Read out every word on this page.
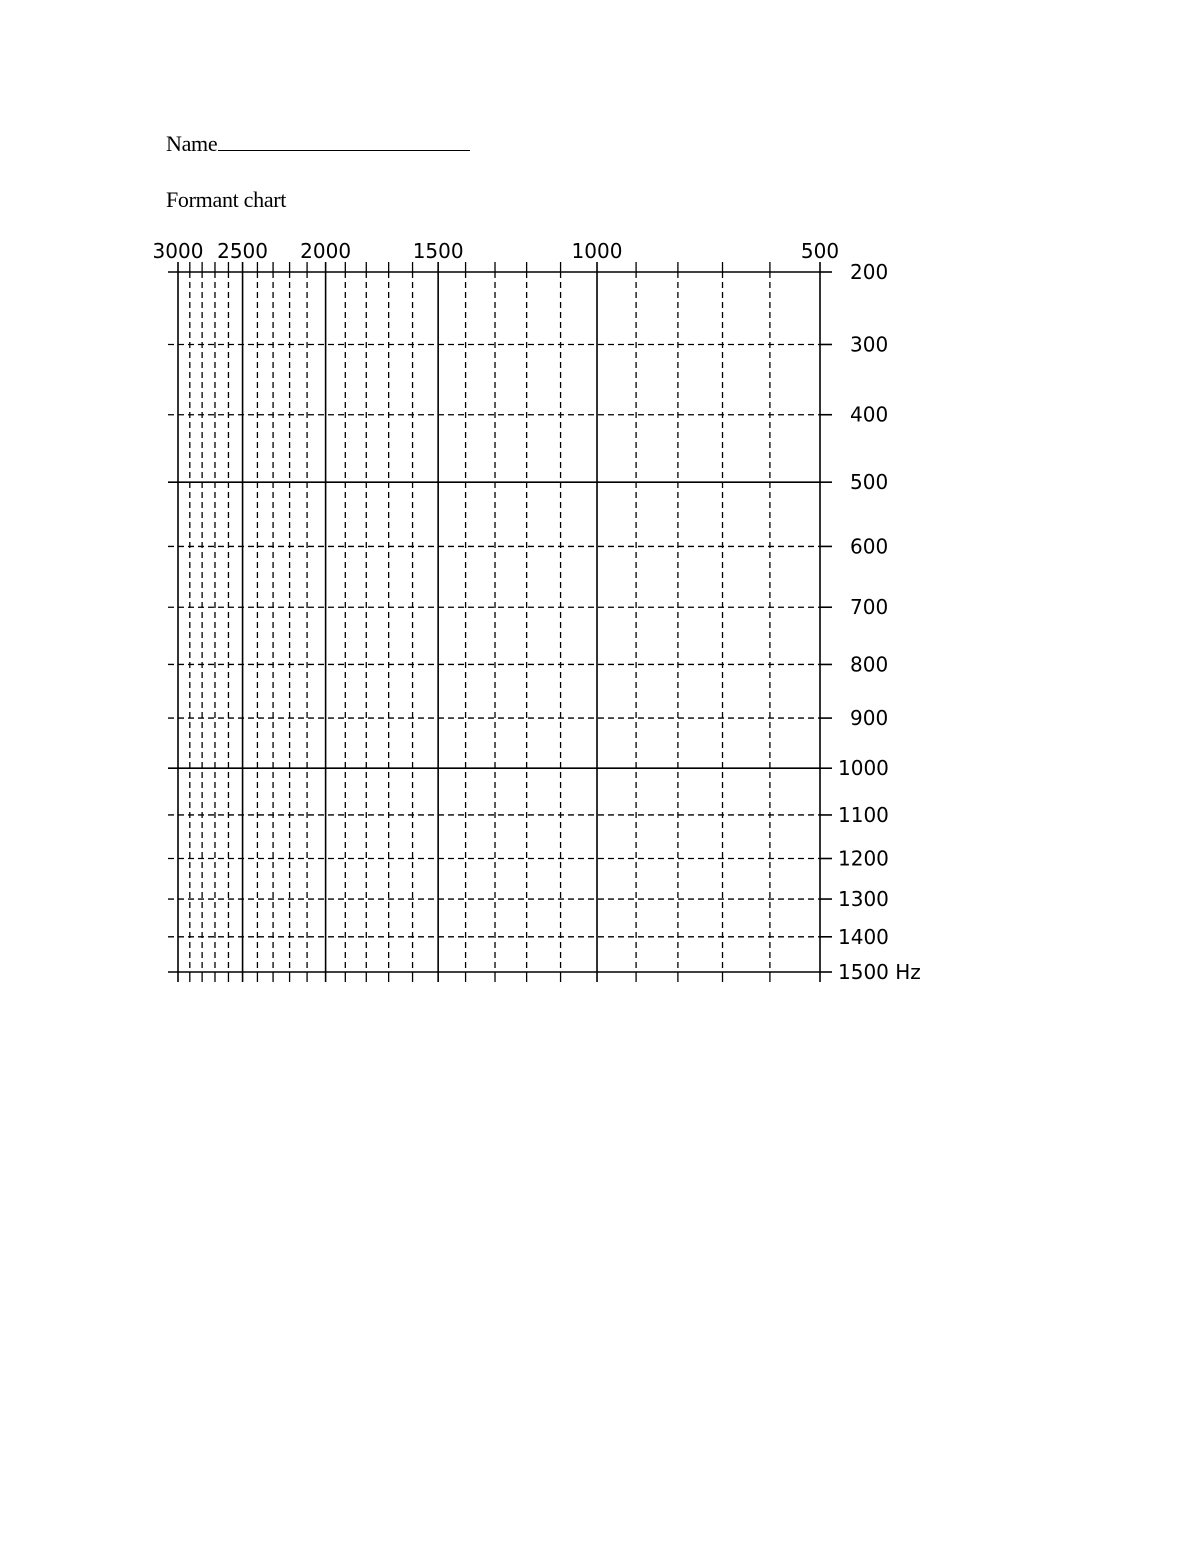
Name
Formant chart
3000 2500 2000	1500	1000	500
200
300
400
500
600
700
800
900
1000
1100
1200
1300
1400
1500 Hz
